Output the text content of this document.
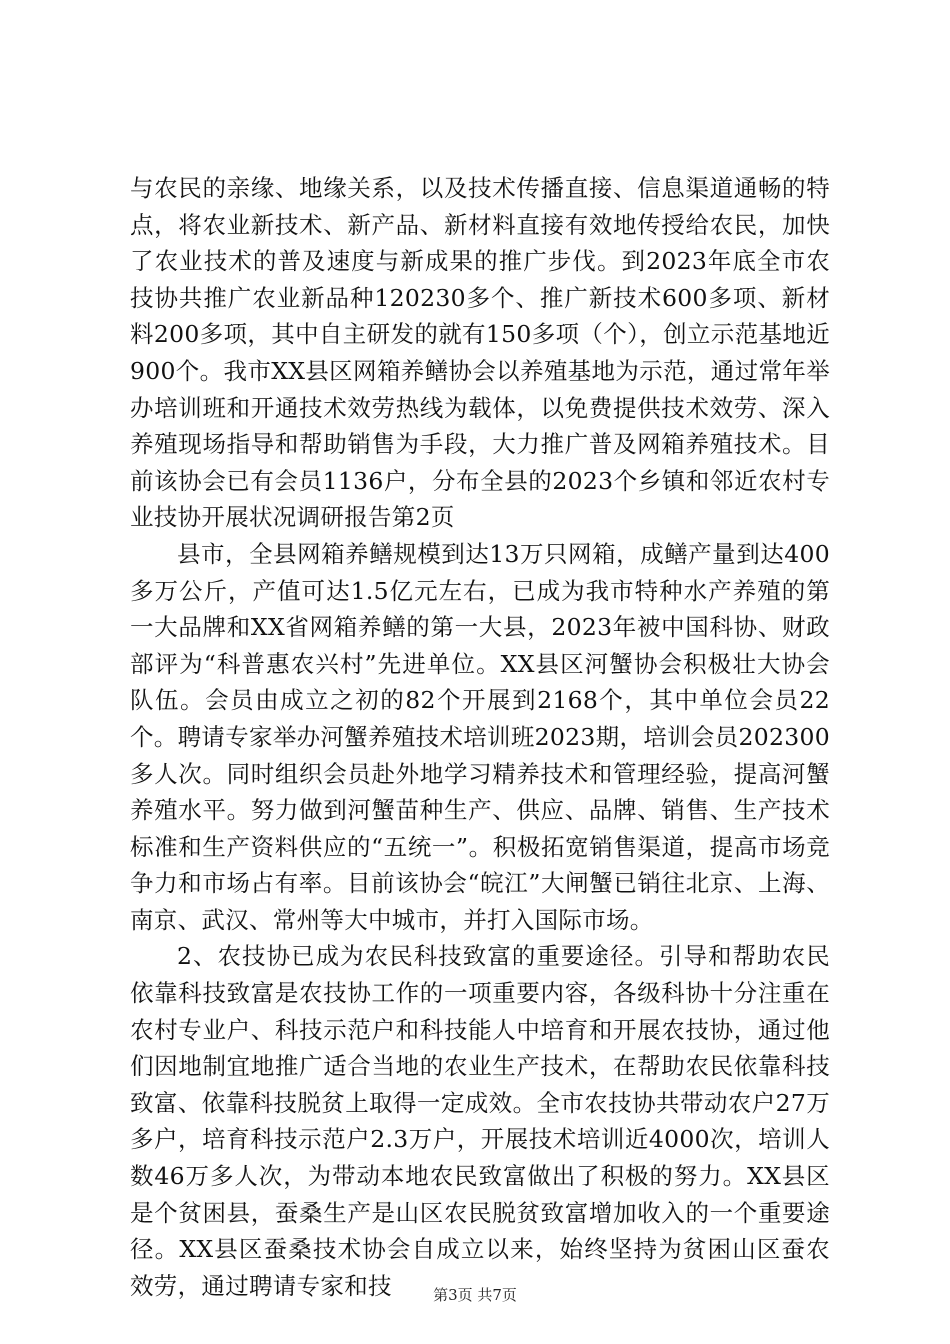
与农民的亲缘、地缘关系，以及技术传播直接、信息渠道通畅的特点，将农业新技术、新产品、新材料直接有效地传授给农民，加快了农业技术的普及速度与新成果的推广步伐。到2023年底全市农技协共推广农业新品种120230多个、推广新技术600多项、新材料200多项，其中自主研发的就有150多项（个），创立示范基地近900个。我市XX县区网箱养鳝协会以养殖基地为示范，通过常年举办培训班和开通技术效劳热线为载体，以免费提供技术效劳、深入养殖现场指导和帮助销售为手段，大力推广普及网箱养殖技术。目前该协会已有会员1136户，分布全县的2023个乡镇和邻近农村专业技协开展状况调研报告第2页

县市，全县网箱养鳝规模到达13万只网箱，成鳝产量到达400多万公斤，产值可达1.5亿元左右，已成为我市特种水产养殖的第一大品牌和XX省网箱养鳝的第一大县，2023年被中国科协、财政部评为“科普惠农兴村”先进单位。XX县区河蟹协会积极壮大协会队伍。会员由成立之初的82个开展到2168个，其中单位会员22个。聘请专家举办河蟹养殖技术培训班2023期，培训会员202300多人次。同时组织会员赴外地学习精养技术和管理经验，提高河蟹养殖水平。努力做到河蟹苗种生产、供应、品牌、销售、生产技术标准和生产资料供应的“五统一”。积极拓宽销售渠道，提高市场竞争力和市场占有率。目前该协会“皖江”大闸蟹已销往北京、上海、南京、武汉、常州等大中城市，并打入国际市场。

2、农技协已成为农民科技致富的重要途径。引导和帮助农民依靠科技致富是农技协工作的一项重要内容，各级科协十分注重在农村专业户、科技示范户和科技能人中培育和开展农技协，通过他们因地制宜地推广适合当地的农业生产技术，在帮助农民依靠科技致富、依靠科技脱贫上取得一定成效。全市农技协共带动农户27万多户，培育科技示范户2.3万户，开展技术培训近4000次，培训人数46万多人次，为带动本地农民致富做出了积极的努力。XX县区是个贫困县，蚕桑生产是山区农民脱贫致富增加收入的一个重要途径。XX县区蚕桑技术协会自成立以来，始终坚持为贫困山区蚕农效劳，通过聘请专家和技	第3页 共7页
